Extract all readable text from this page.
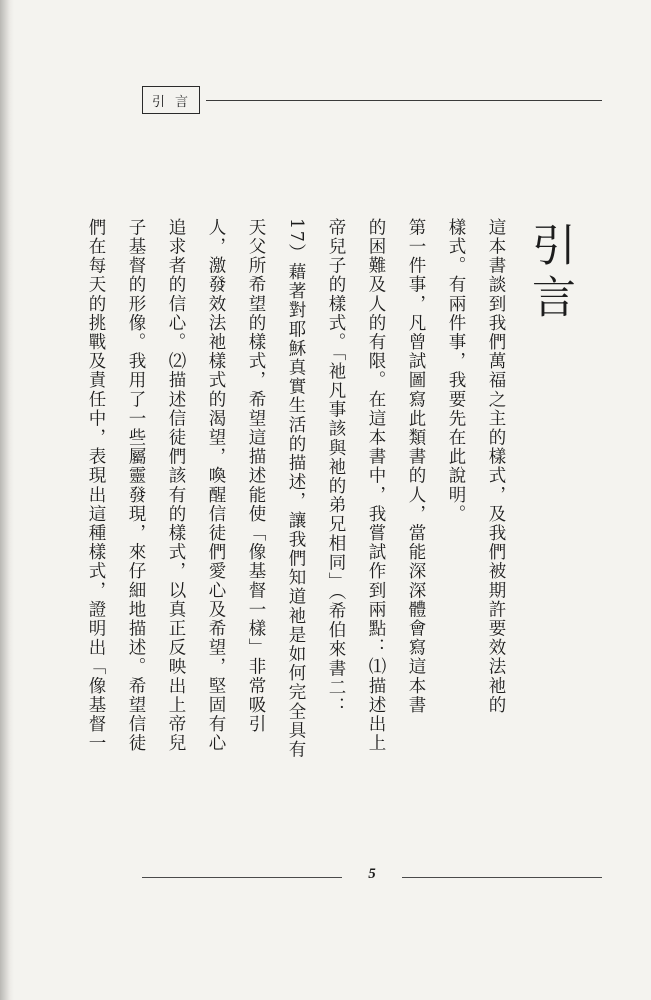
引言
引言
這本書談到我們萬福之主的樣式，及我們被期許要效法祂的
樣式。有兩件事，我要先在此說明。
第一件事，凡曾試圖寫此類書的人，當能深深體會寫這本書
的困難及人的有限。在這本書中，我嘗試作到兩點：⑴描述出上
帝兒子的樣式。「祂凡事該與祂的弟兄相同」（希伯來書二：
17）藉著對耶穌真實生活的描述，讓我們知道祂是如何完全具有
天父所希望的樣式，希望這描述能使「像基督一樣」非常吸引
人，激發效法祂樣式的渴望，喚醒信徒們愛心及希望，堅固有心
追求者的信心。⑵描述信徒們該有的樣式，以真正反映出上帝兒
子基督的形像。我用了一些屬靈發現，來仔細地描述。希望信徒
們在每天的挑戰及責任中，表現出這種樣式，證明出「像基督一
5
